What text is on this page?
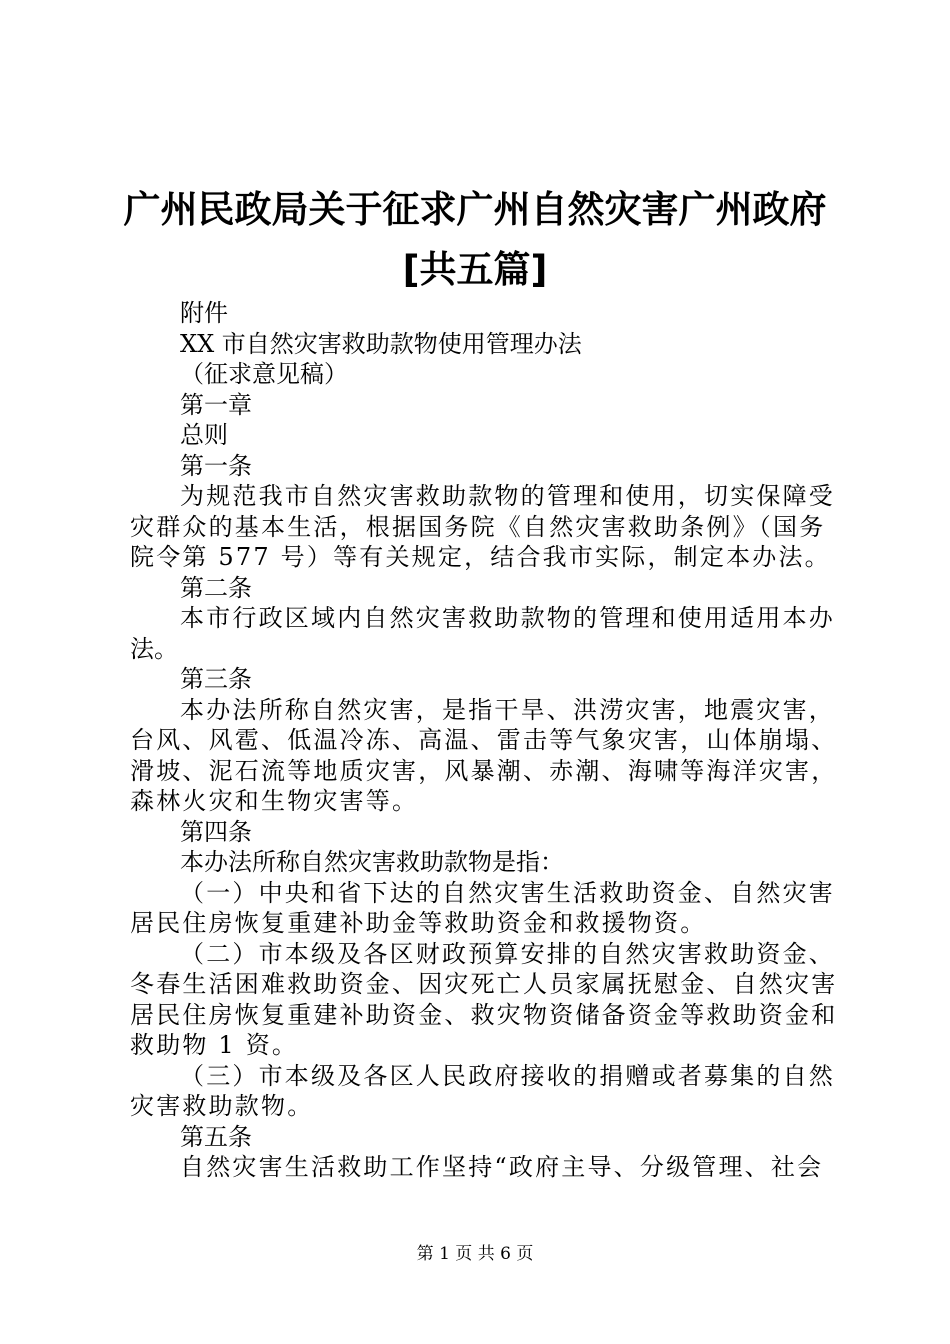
广州民政局关于征求广州自然灾害广州政府
[共五篇]
附件
XX 市自然灾害救助款物使用管理办法
（征求意见稿）
第一章
总则
第一条
为规范我市自然灾害救助款物的管理和使用，切实保障受
灾群众的基本生活，根据国务院《自然灾害救助条例》（国务
院令第 577 号）等有关规定，结合我市实际，制定本办法。
第二条
本市行政区域内自然灾害救助款物的管理和使用适用本办
法。
第三条
本办法所称自然灾害，是指干旱、洪涝灾害，地震灾害，
台风、风雹、低温冷冻、高温、雷击等气象灾害，山体崩塌、
滑坡、泥石流等地质灾害，风暴潮、赤潮、海啸等海洋灾害，
森林火灾和生物灾害等。
第四条
本办法所称自然灾害救助款物是指：
（一）中央和省下达的自然灾害生活救助资金、自然灾害
居民住房恢复重建补助金等救助资金和救援物资。
（二）市本级及各区财政预算安排的自然灾害救助资金、
冬春生活困难救助资金、因灾死亡人员家属抚慰金、自然灾害
居民住房恢复重建补助资金、救灾物资储备资金等救助资金和
救助物 1 资。
（三）市本级及各区人民政府接收的捐赠或者募集的自然
灾害救助款物。
第五条
自然灾害生活救助工作坚持“政府主导、分级管理、社会
第 1 页 共 6 页
